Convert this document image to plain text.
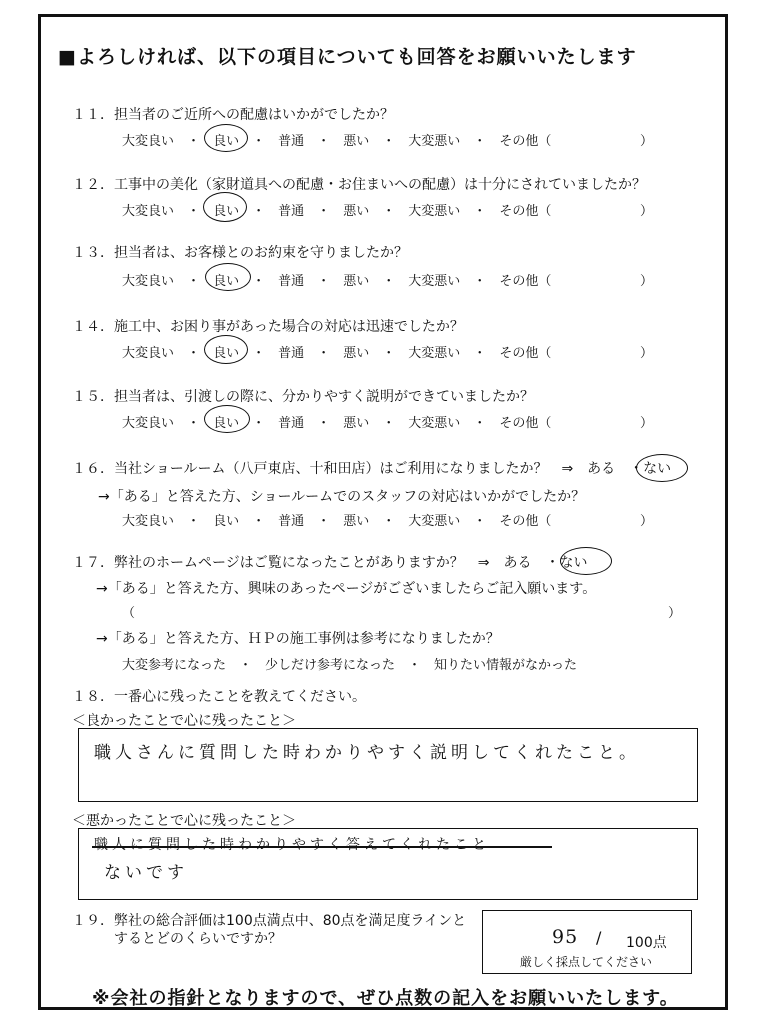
■よろしければ、以下の項目についても回答をお願いいたします
１１．担当者のご近所への配慮はいかがでしたか？
大変良い　 ・　 良い　 ・　 普通　 ・　 悪い　 ・　 大変悪い　 ・　 その他（	）
１２．工事中の美化（家財道具への配慮・お住まいへの配慮）は十分にされていましたか？
大変良い　 ・　 良い　 ・　 普通　 ・　 悪い　 ・　 大変悪い　 ・　 その他（	）
１３．担当者は、お客様とのお約束を守りましたか？
大変良い　 ・　 良い　 ・　 普通　 ・　 悪い　 ・　 大変悪い　 ・　 その他（	）
１４．施工中、お困り事があった場合の対応は迅速でしたか？
大変良い　 ・　 良い　 ・　 普通　 ・　 悪い　 ・　 大変悪い　 ・　 その他（	）
１５．担当者は、引渡しの際に、分かりやすく説明ができていましたか？
大変良い　 ・　 良い　 ・　 普通　 ・　 悪い　 ・　 大変悪い　 ・　 その他（	）
１６．当社ショールーム（八戸東店、十和田店）はご利用になりましたか？　⇒　ある　・ない
→「ある」と答えた方、ショールームでのスタッフの対応はいかがでしたか？
大変良い　 ・　 良い　 ・　 普通　 ・　 悪い　 ・　 大変悪い　 ・　 その他（	）
１７．弊社のホームページはご覧になったことがありますか？　⇒　ある　・ない
→「ある」と答えた方、興味のあったページがございましたらご記入願います。
（	）
→「ある」と答えた方、ＨＰの施工事例は参考になりましたか？
大変参考になった　・　少しだけ参考になった　・　知りたい情報がなかった
１８．一番心に残ったことを教えてください。
＜良かったことで心に残ったこと＞
職人さんに質問した時わかりやすく説明してくれたこと。
＜悪かったことで心に残ったこと＞
職人に質問した時わかりやすく答えてくれたこと
ないです
１９．弊社の総合評価は100点満点中、80点を満足度ラインと
するとどのくらいですか？	95 / 100点
厳しく採点してください
※会社の指針となりますので、ぜひ点数の記入をお願いいたします。
